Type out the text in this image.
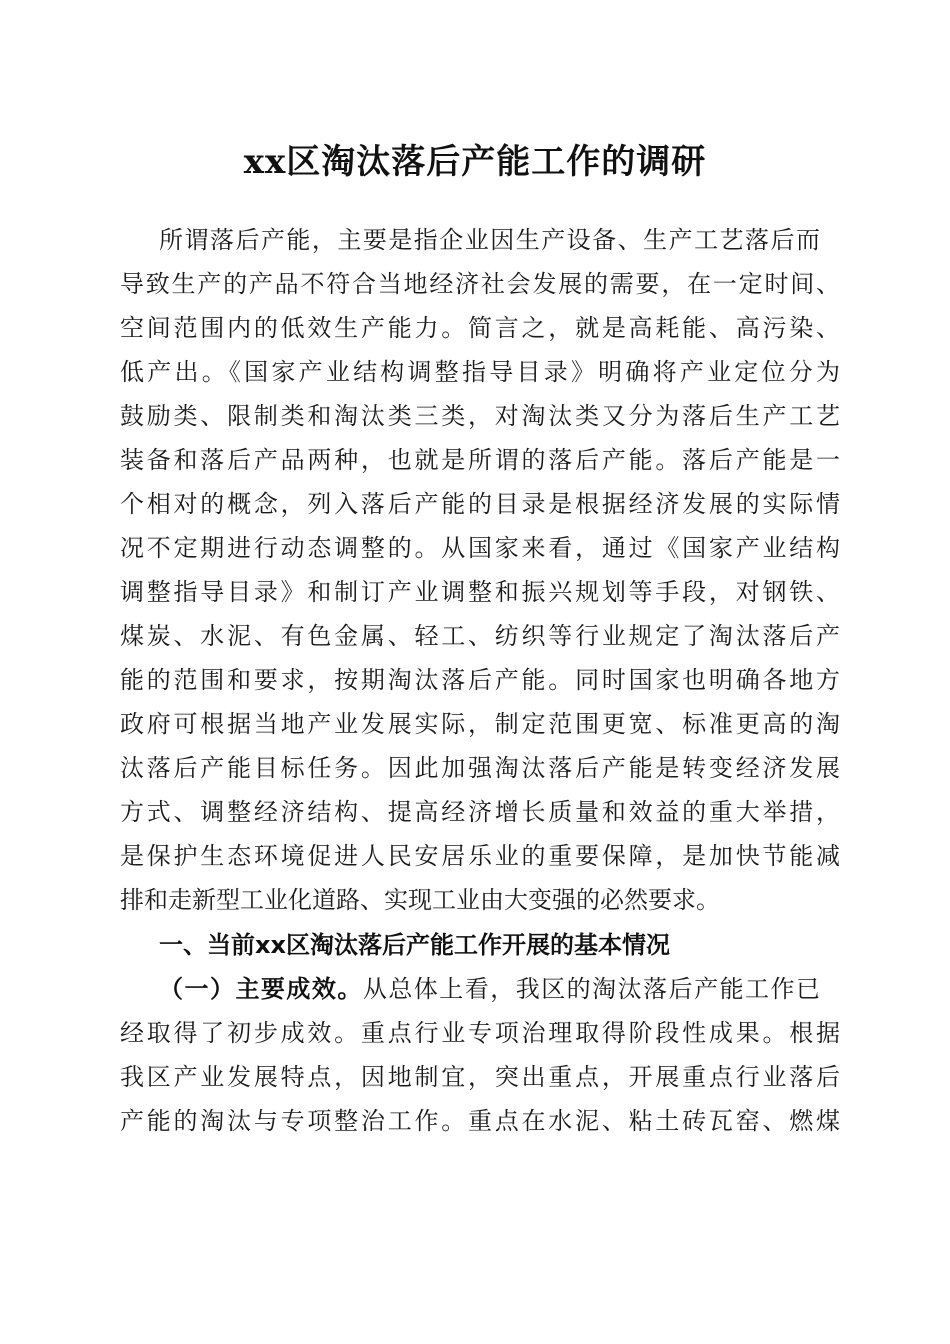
xx区淘汰落后产能工作的调研
所谓落后产能，主要是指企业因生产设备、生产工艺落后而
导致生产的产品不符合当地经济社会发展的需要，在一定时间、
空间范围内的低效生产能力。简言之，就是高耗能、高污染、
低产出。《国家产业结构调整指导目录》明确将产业定位分为
鼓励类、限制类和淘汰类三类，对淘汰类又分为落后生产工艺
装备和落后产品两种，也就是所谓的落后产能。落后产能是一
个相对的概念，列入落后产能的目录是根据经济发展的实际情
况不定期进行动态调整的。从国家来看，通过《国家产业结构
调整指导目录》和制订产业调整和振兴规划等手段，对钢铁、
煤炭、水泥、有色金属、轻工、纺织等行业规定了淘汰落后产
能的范围和要求，按期淘汰落后产能。同时国家也明确各地方
政府可根据当地产业发展实际，制定范围更宽、标准更高的淘
汰落后产能目标任务。因此加强淘汰落后产能是转变经济发展
方式、调整经济结构、提高经济增长质量和效益的重大举措，
是保护生态环境促进人民安居乐业的重要保障，是加快节能减
排和走新型工业化道路、实现工业由大变强的必然要求。
一、当前xx区淘汰落后产能工作开展的基本情况
（一）主要成效。从总体上看，我区的淘汰落后产能工作已
经取得了初步成效。重点行业专项治理取得阶段性成果。根据
我区产业发展特点，因地制宜，突出重点，开展重点行业落后
产能的淘汰与专项整治工作。重点在水泥、粘土砖瓦窑、燃煤
